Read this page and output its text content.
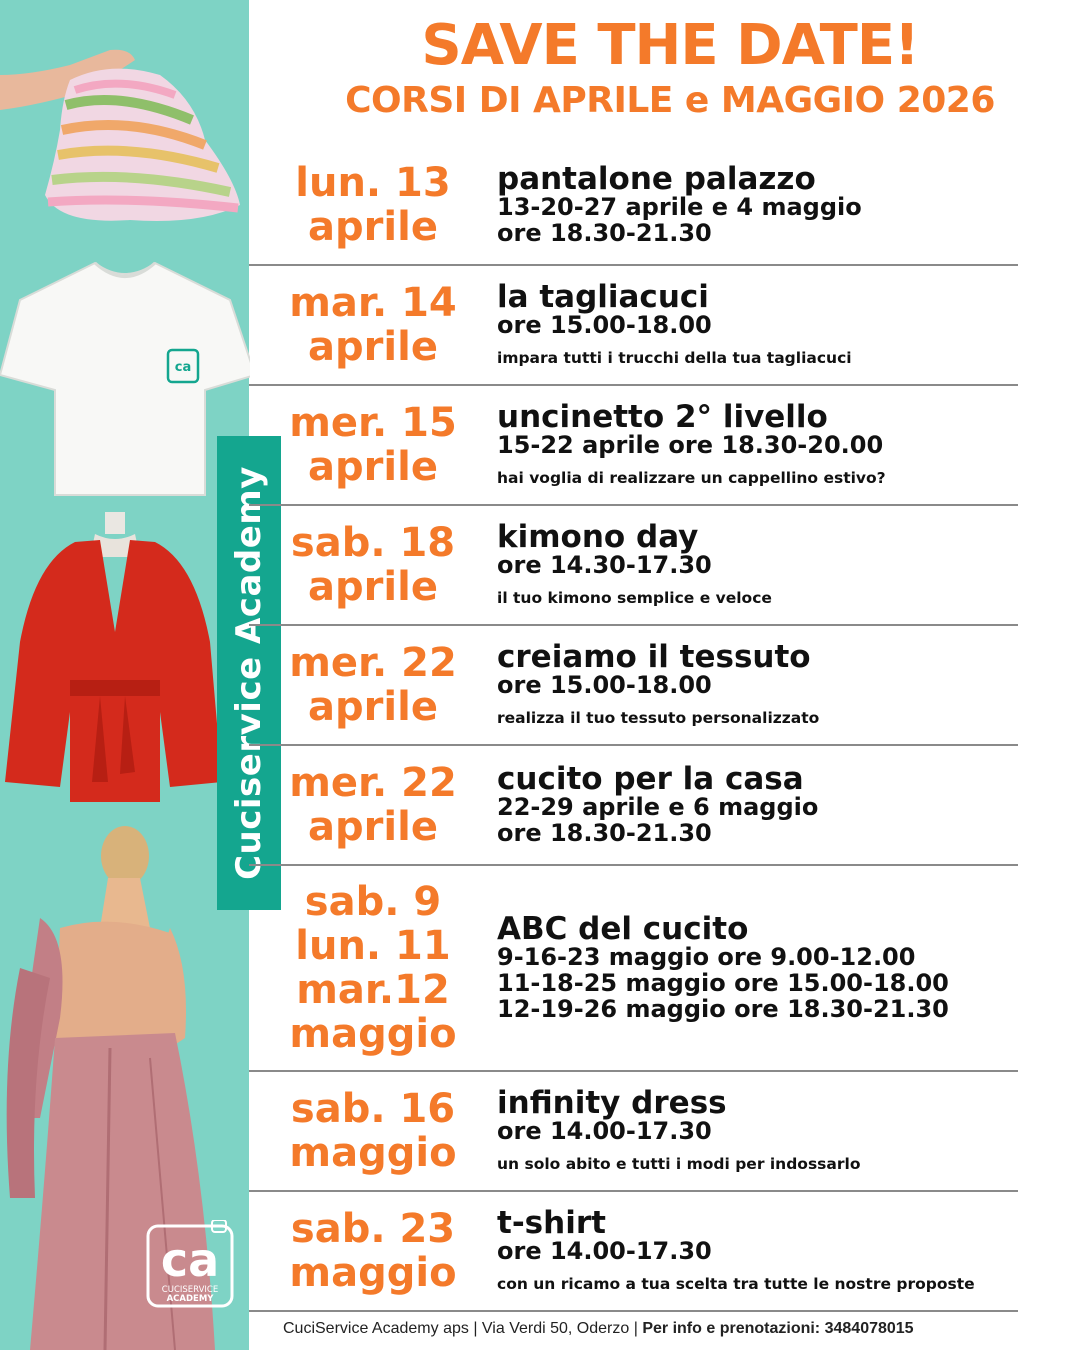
ca
Cuciservice Academy
ca
CUCISERVICE
ACADEMY
SAVE THE DATE!
CORSI DI APRILE e MAGGIO 2026
lun. 13
aprile
pantalone palazzo
13-20-27 aprile e 4 maggio
ore 18.30-21.30
mar. 14
aprile
la tagliacuci
ore 15.00-18.00
impara tutti i trucchi della tua tagliacuci
mer. 15
aprile
uncinetto 2° livello
15-22 aprile ore 18.30-20.00
hai voglia di realizzare un cappellino estivo?
sab. 18
aprile
kimono day
ore 14.30-17.30
il tuo kimono semplice e veloce
mer. 22
aprile
creiamo il tessuto
ore 15.00-18.00
realizza il tuo tessuto personalizzato
mer. 22
aprile
cucito per la casa
22-29 aprile e 6 maggio
ore 18.30-21.30
sab. 9
lun. 11
mar.12
maggio
ABC del cucito
9-16-23 maggio ore 9.00-12.00
11-18-25 maggio ore 15.00-18.00
12-19-26 maggio ore 18.30-21.30
sab. 16
maggio
infinity dress
ore 14.00-17.30
un solo abito e tutti i modi per indossarlo
sab. 23
maggio
t-shirt
ore 14.00-17.30
con un ricamo a tua scelta tra tutte le nostre proposte
CuciService Academy aps | Via Verdi 50, Oderzo | Per info e prenotazioni: 3484078015
